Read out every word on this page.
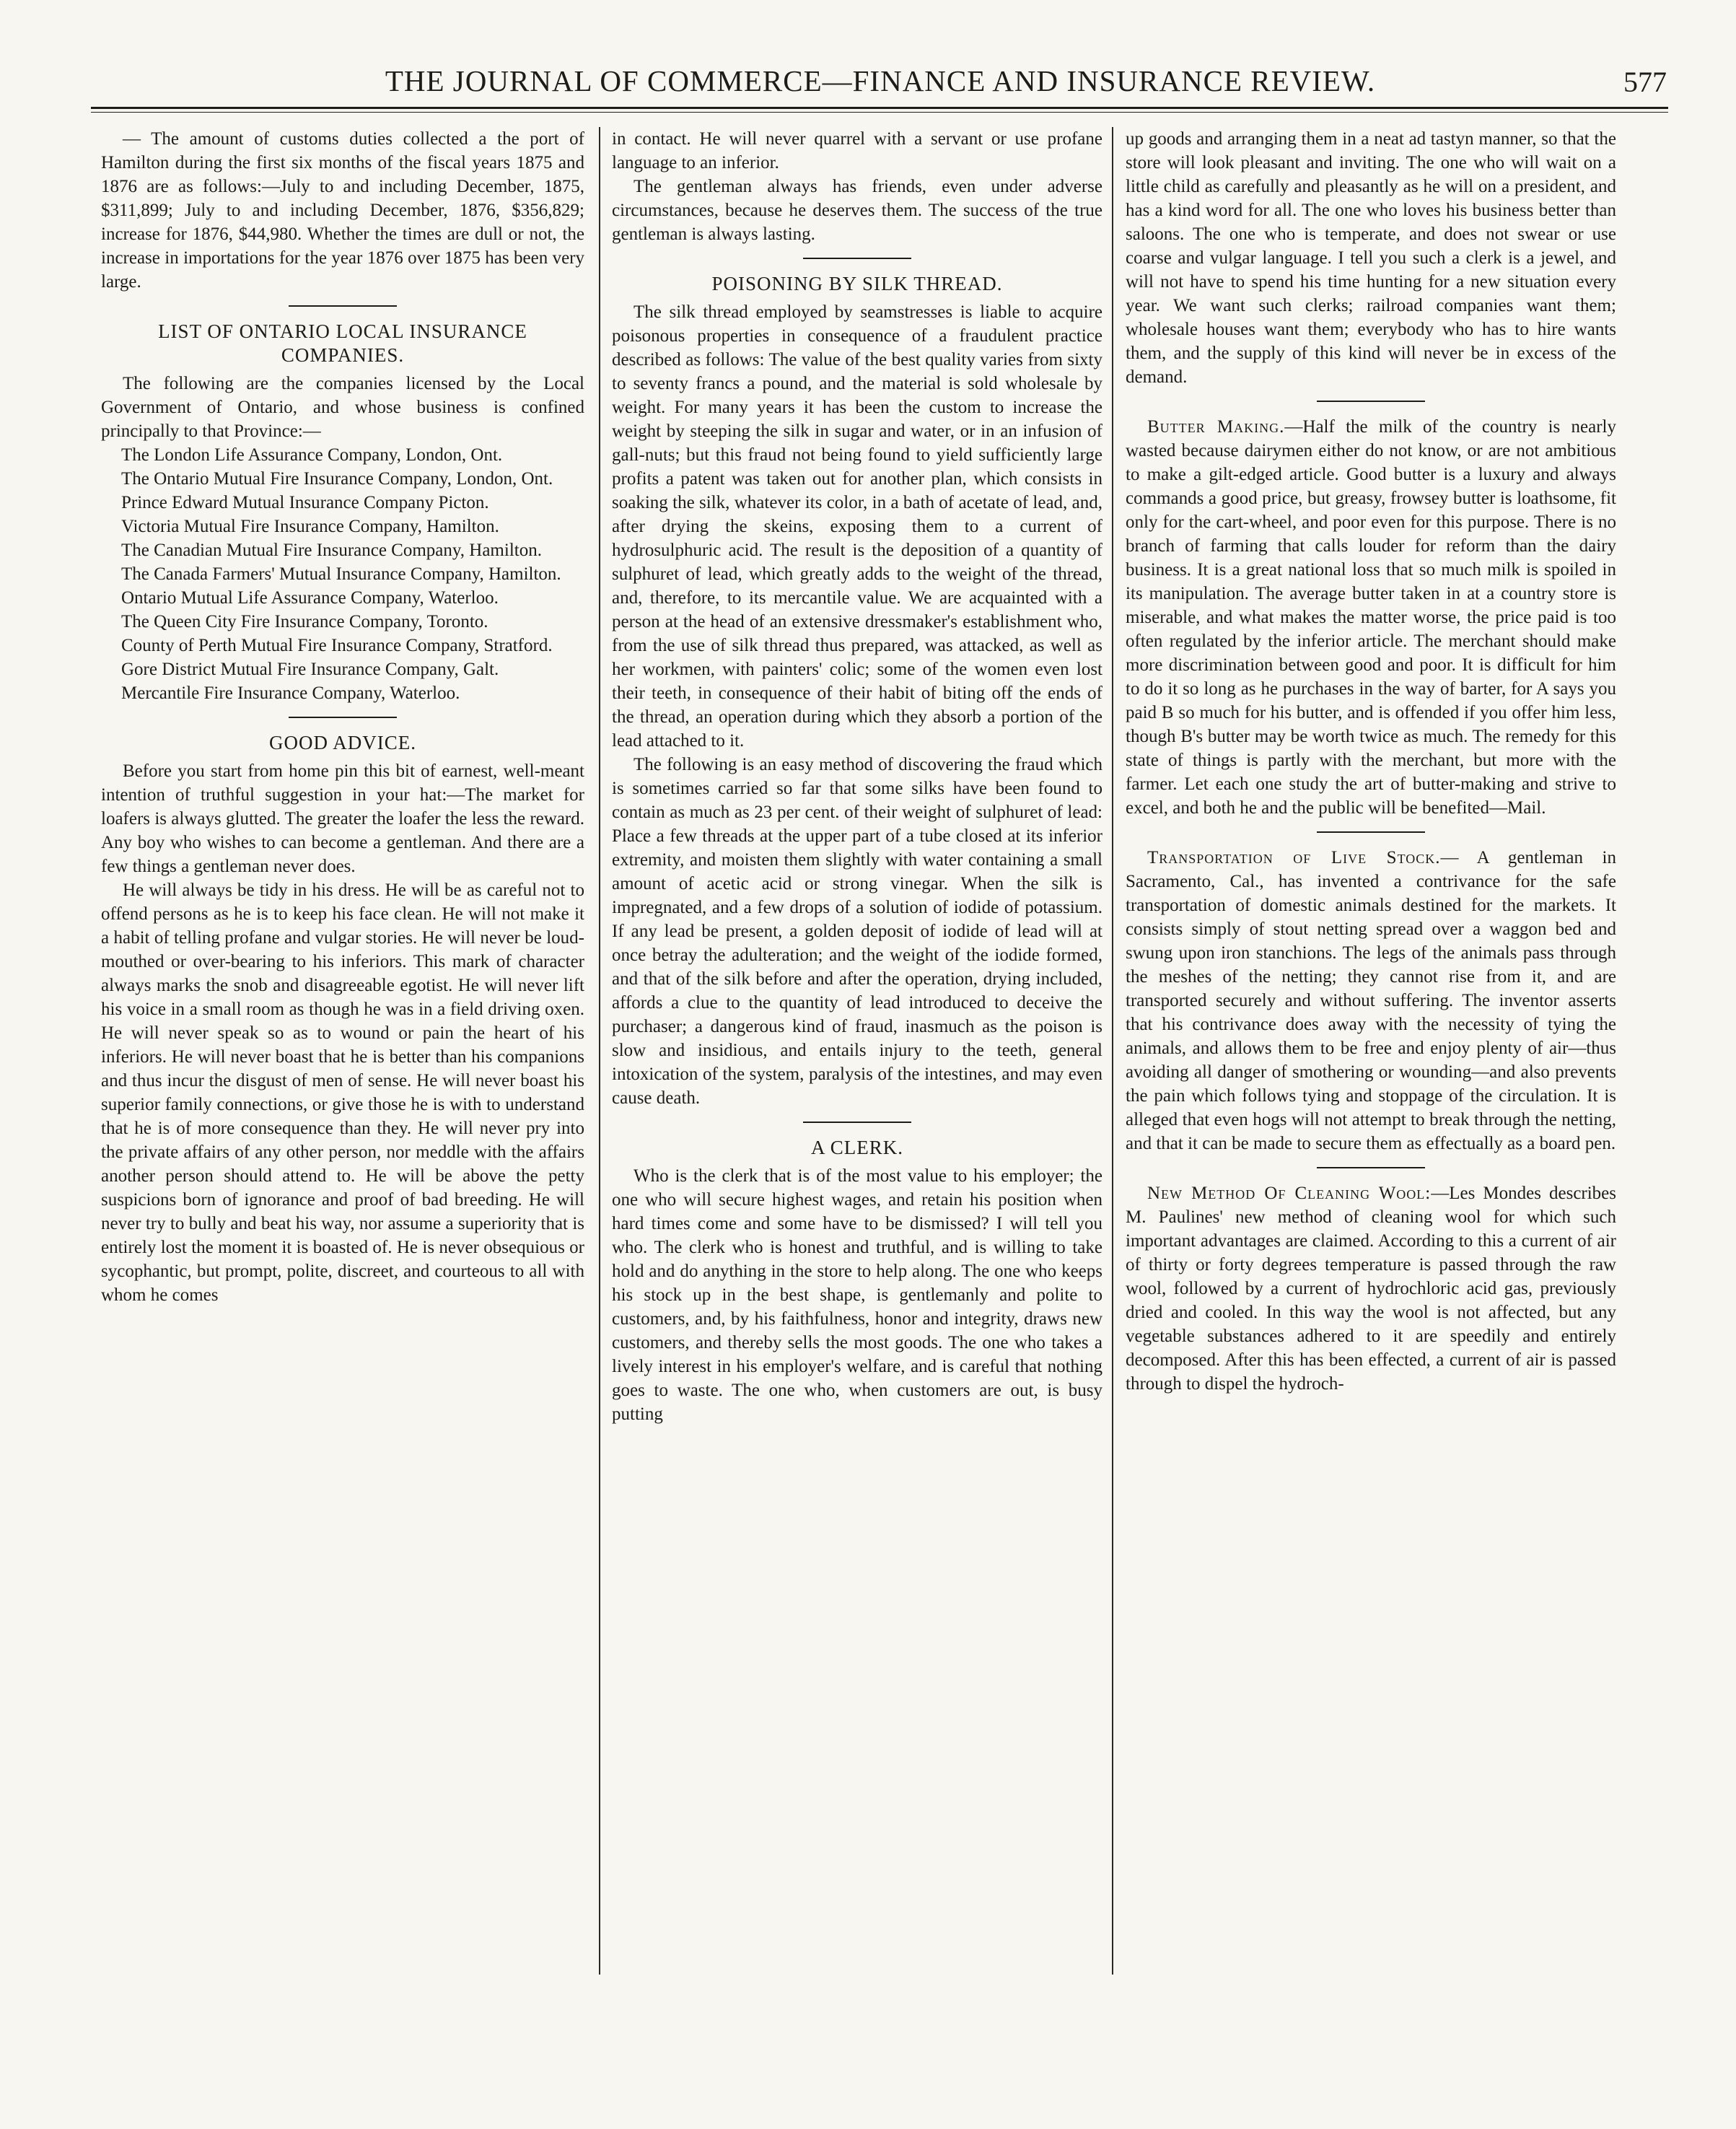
THE JOURNAL OF COMMERCE—FINANCE AND INSURANCE REVIEW.	577

— The amount of customs duties collected a the port of Hamilton during the first six months of the fiscal years 1875 and 1876 are as follows:—July to and including December, 1875, $311,899; July to and including December, 1876, $356,829; increase for 1876, $44,980. Whether the times are dull or not, the increase in importations for the year 1876 over 1875 has been very large.

LIST OF ONTARIO LOCAL INSURANCE COMPANIES.

The following are the companies licensed by the Local Government of Ontario, and whose business is confined principally to that Province:—

The London Life Assurance Company, London, Ont.

The Ontario Mutual Fire Insurance Company, London, Ont.

Prince Edward Mutual Insurance Company Picton.

Victoria Mutual Fire Insurance Company, Hamilton.

The Canadian Mutual Fire Insurance Company, Hamilton.

The Canada Farmers' Mutual Insurance Company, Hamilton.

Ontario Mutual Life Assurance Company, Waterloo.

The Queen City Fire Insurance Company, Toronto.

County of Perth Mutual Fire Insurance Company, Stratford.

Gore District Mutual Fire Insurance Company, Galt.

Mercantile Fire Insurance Company, Waterloo.

GOOD ADVICE.

Before you start from home pin this bit of earnest, well-meant intention of truthful suggestion in your hat:—The market for loafers is always glutted. The greater the loafer the less the reward. Any boy who wishes to can become a gentleman. And there are a few things a gentleman never does.

He will always be tidy in his dress. He will be as careful not to offend persons as he is to keep his face clean. He will not make it a habit of telling profane and vulgar stories. He will never be loud-mouthed or over-bearing to his inferiors. This mark of character always marks the snob and disagreeable egotist. He will never lift his voice in a small room as though he was in a field driving oxen. He will never speak so as to wound or pain the heart of his inferiors. He will never boast that he is better than his companions and thus incur the disgust of men of sense. He will never boast his superior family connections, or give those he is with to understand that he is of more consequence than they. He will never pry into the private affairs of any other person, nor meddle with the affairs another person should attend to. He will be above the petty suspicions born of ignorance and proof of bad breeding. He will never try to bully and beat his way, nor assume a superiority that is entirely lost the moment it is boasted of. He is never obsequious or sycophantic, but prompt, polite, discreet, and courteous to all with whom he comes

in contact. He will never quarrel with a servant or use profane language to an inferior.

The gentleman always has friends, even under adverse circumstances, because he deserves them. The success of the true gentleman is always lasting.

POISONING BY SILK THREAD.

The silk thread employed by seamstresses is liable to acquire poisonous properties in consequence of a fraudulent practice described as follows: The value of the best quality varies from sixty to seventy francs a pound, and the material is sold wholesale by weight. For many years it has been the custom to increase the weight by steeping the silk in sugar and water, or in an infusion of gall-nuts; but this fraud not being found to yield sufficiently large profits a patent was taken out for another plan, which consists in soaking the silk, whatever its color, in a bath of acetate of lead, and, after drying the skeins, exposing them to a current of hydrosulphuric acid. The result is the deposition of a quantity of sulphuret of lead, which greatly adds to the weight of the thread, and, therefore, to its mercantile value. We are acquainted with a person at the head of an extensive dressmaker's establishment who, from the use of silk thread thus prepared, was attacked, as well as her workmen, with painters' colic; some of the women even lost their teeth, in consequence of their habit of biting off the ends of the thread, an operation during which they absorb a portion of the lead attached to it.

The following is an easy method of discovering the fraud which is sometimes carried so far that some silks have been found to contain as much as 23 per cent. of their weight of sulphuret of lead: Place a few threads at the upper part of a tube closed at its inferior extremity, and moisten them slightly with water containing a small amount of acetic acid or strong vinegar. When the silk is impregnated, and a few drops of a solution of iodide of potassium. If any lead be present, a golden deposit of iodide of lead will at once betray the adulteration; and the weight of the iodide formed, and that of the silk before and after the operation, drying included, affords a clue to the quantity of lead introduced to deceive the purchaser; a dangerous kind of fraud, inasmuch as the poison is slow and insidious, and entails injury to the teeth, general intoxication of the system, paralysis of the intestines, and may even cause death.

A CLERK.

Who is the clerk that is of the most value to his employer; the one who will secure highest wages, and retain his position when hard times come and some have to be dismissed? I will tell you who. The clerk who is honest and truthful, and is willing to take hold and do anything in the store to help along. The one who keeps his stock up in the best shape, is gentlemanly and polite to customers, and, by his faithfulness, honor and integrity, draws new customers, and thereby sells the most goods. The one who takes a lively interest in his employer's welfare, and is careful that nothing goes to waste. The one who, when customers are out, is busy putting

up goods and arranging them in a neat ad tastyn manner, so that the store will look pleasant and inviting. The one who will wait on a little child as carefully and pleasantly as he will on a president, and has a kind word for all. The one who loves his business better than saloons. The one who is temperate, and does not swear or use coarse and vulgar language. I tell you such a clerk is a jewel, and will not have to spend his time hunting for a new situation every year. We want such clerks; railroad companies want them; wholesale houses want them; everybody who has to hire wants them, and the supply of this kind will never be in excess of the demand.

Butter Making.—Half the milk of the country is nearly wasted because dairymen either do not know, or are not ambitious to make a gilt-edged article. Good butter is a luxury and always commands a good price, but greasy, frowsey butter is loathsome, fit only for the cart-wheel, and poor even for this purpose. There is no branch of farming that calls louder for reform than the dairy business. It is a great national loss that so much milk is spoiled in its manipulation. The average butter taken in at a country store is miserable, and what makes the matter worse, the price paid is too often regulated by the inferior article. The merchant should make more discrimination between good and poor. It is difficult for him to do it so long as he purchases in the way of barter, for A says you paid B so much for his butter, and is offended if you offer him less, though B's butter may be worth twice as much. The remedy for this state of things is partly with the merchant, but more with the farmer. Let each one study the art of butter-making and strive to excel, and both he and the public will be benefited—Mail.

Transportation of Live Stock.— A gentleman in Sacramento, Cal., has invented a contrivance for the safe transportation of domestic animals destined for the markets. It consists simply of stout netting spread over a waggon bed and swung upon iron stanchions. The legs of the animals pass through the meshes of the netting; they cannot rise from it, and are transported securely and without suffering. The inventor asserts that his contrivance does away with the necessity of tying the animals, and allows them to be free and enjoy plenty of air—thus avoiding all danger of smothering or wounding—and also prevents the pain which follows tying and stoppage of the circulation. It is alleged that even hogs will not attempt to break through the netting, and that it can be made to secure them as effectually as a board pen.

New Method Of Cleaning Wool:—Les Mondes describes M. Paulines' new method of cleaning wool for which such important advantages are claimed. According to this a current of air of thirty or forty degrees temperature is passed through the raw wool, followed by a current of hydrochloric acid gas, previously dried and cooled. In this way the wool is not affected, but any vegetable substances adhered to it are speedily and entirely decomposed. After this has been effected, a current of air is passed through to dispel the hydroch-
